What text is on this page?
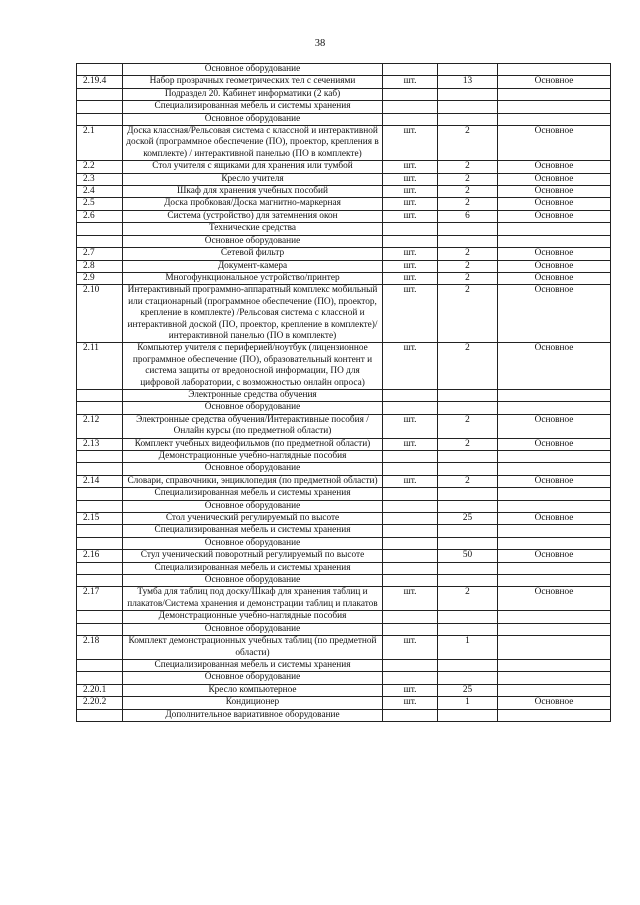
38
	Основное оборудование			
2.19.4	Набор прозрачных геометрических тел с сечениями	шт.	13	Основное
	Подраздел 20. Кабинет информатики (2 каб)			
	Специализированная мебель и системы хранения			
	Основное оборудование			
2.1	Доска классная/Рельсовая система с классной и интерактивной доской (программное обеспечение (ПО), проектор, крепления в комплекте) / интерактивной панелью (ПО в комплекте)	шт.	2	Основное
2.2	Стол учителя с ящиками для хранения или тумбой	шт.	2	Основное
2.3	Кресло учителя	шт.	2	Основное
2.4	Шкаф для хранения учебных пособий	шт.	2	Основное
2.5	Доска пробковая/Доска магнитно-маркерная	шт.	2	Основное
2.6	Система (устройство) для затемнения окон	шт.	6	Основное
	Технические средства			
	Основное оборудование			
2.7	Сетевой фильтр	шт.	2	Основное
2.8	Документ-камера	шт.	2	Основное
2.9	Многофункциональное устройство/принтер	шт.	2	Основное
2.10	Интерактивный программно-аппаратный комплекс мобильный или стационарный (программное обеспечение (ПО), проектор, крепление в комплекте) /Рельсовая система с классной и интерактивной доской (ПО, проектор, крепление в комплекте)/ интерактивной панелью (ПО в комплекте)	шт.	2	Основное
2.11	Компьютер учителя с периферией/ноутбук (лицензионное программное обеспечение (ПО), образовательный контент и система защиты от вредоносной информации, ПО для цифровой лаборатории, с возможностью онлайн опроса)	шт.	2	Основное
	Электронные средства обучения			
	Основное оборудование			
2.12	Электронные средства обучения/Интерактивные пособия / Онлайн курсы (по предметной области)	шт.	2	Основное
2.13	Комплект учебных видеофильмов (по предметной области)	шт.	2	Основное
	Демонстрационные учебно-наглядные пособия			
	Основное оборудование			
2.14	Словари, справочники, энциклопедия (по предметной области)	шт.	2	Основное
	Специализированная мебель и системы хранения			
	Основное оборудование			
2.15	Стол ученический регулируемый по высоте		25	Основное
	Специализированная мебель и системы хранения			
	Основное оборудование			
2.16	Стул ученический поворотный регулируемый по высоте		50	Основное
	Специализированная мебель и системы хранения			
	Основное оборудование			
2.17	Тумба для таблиц под доску/Шкаф для хранения таблиц и плакатов/Система хранения и демонстрации таблиц и плакатов	шт.	2	Основное
	Демонстрационные учебно-наглядные пособия			
	Основное оборудование			
2.18	Комплект демонстрационных учебных таблиц (по предметной области)	шт.	1	
	Специализированная мебель и системы хранения			
	Основное оборудование			
2.20.1	Кресло компьютерное	шт.	25	
2.20.2	Кондиционер	шт.	1	Основное
	Дополнительное вариативное оборудование			
